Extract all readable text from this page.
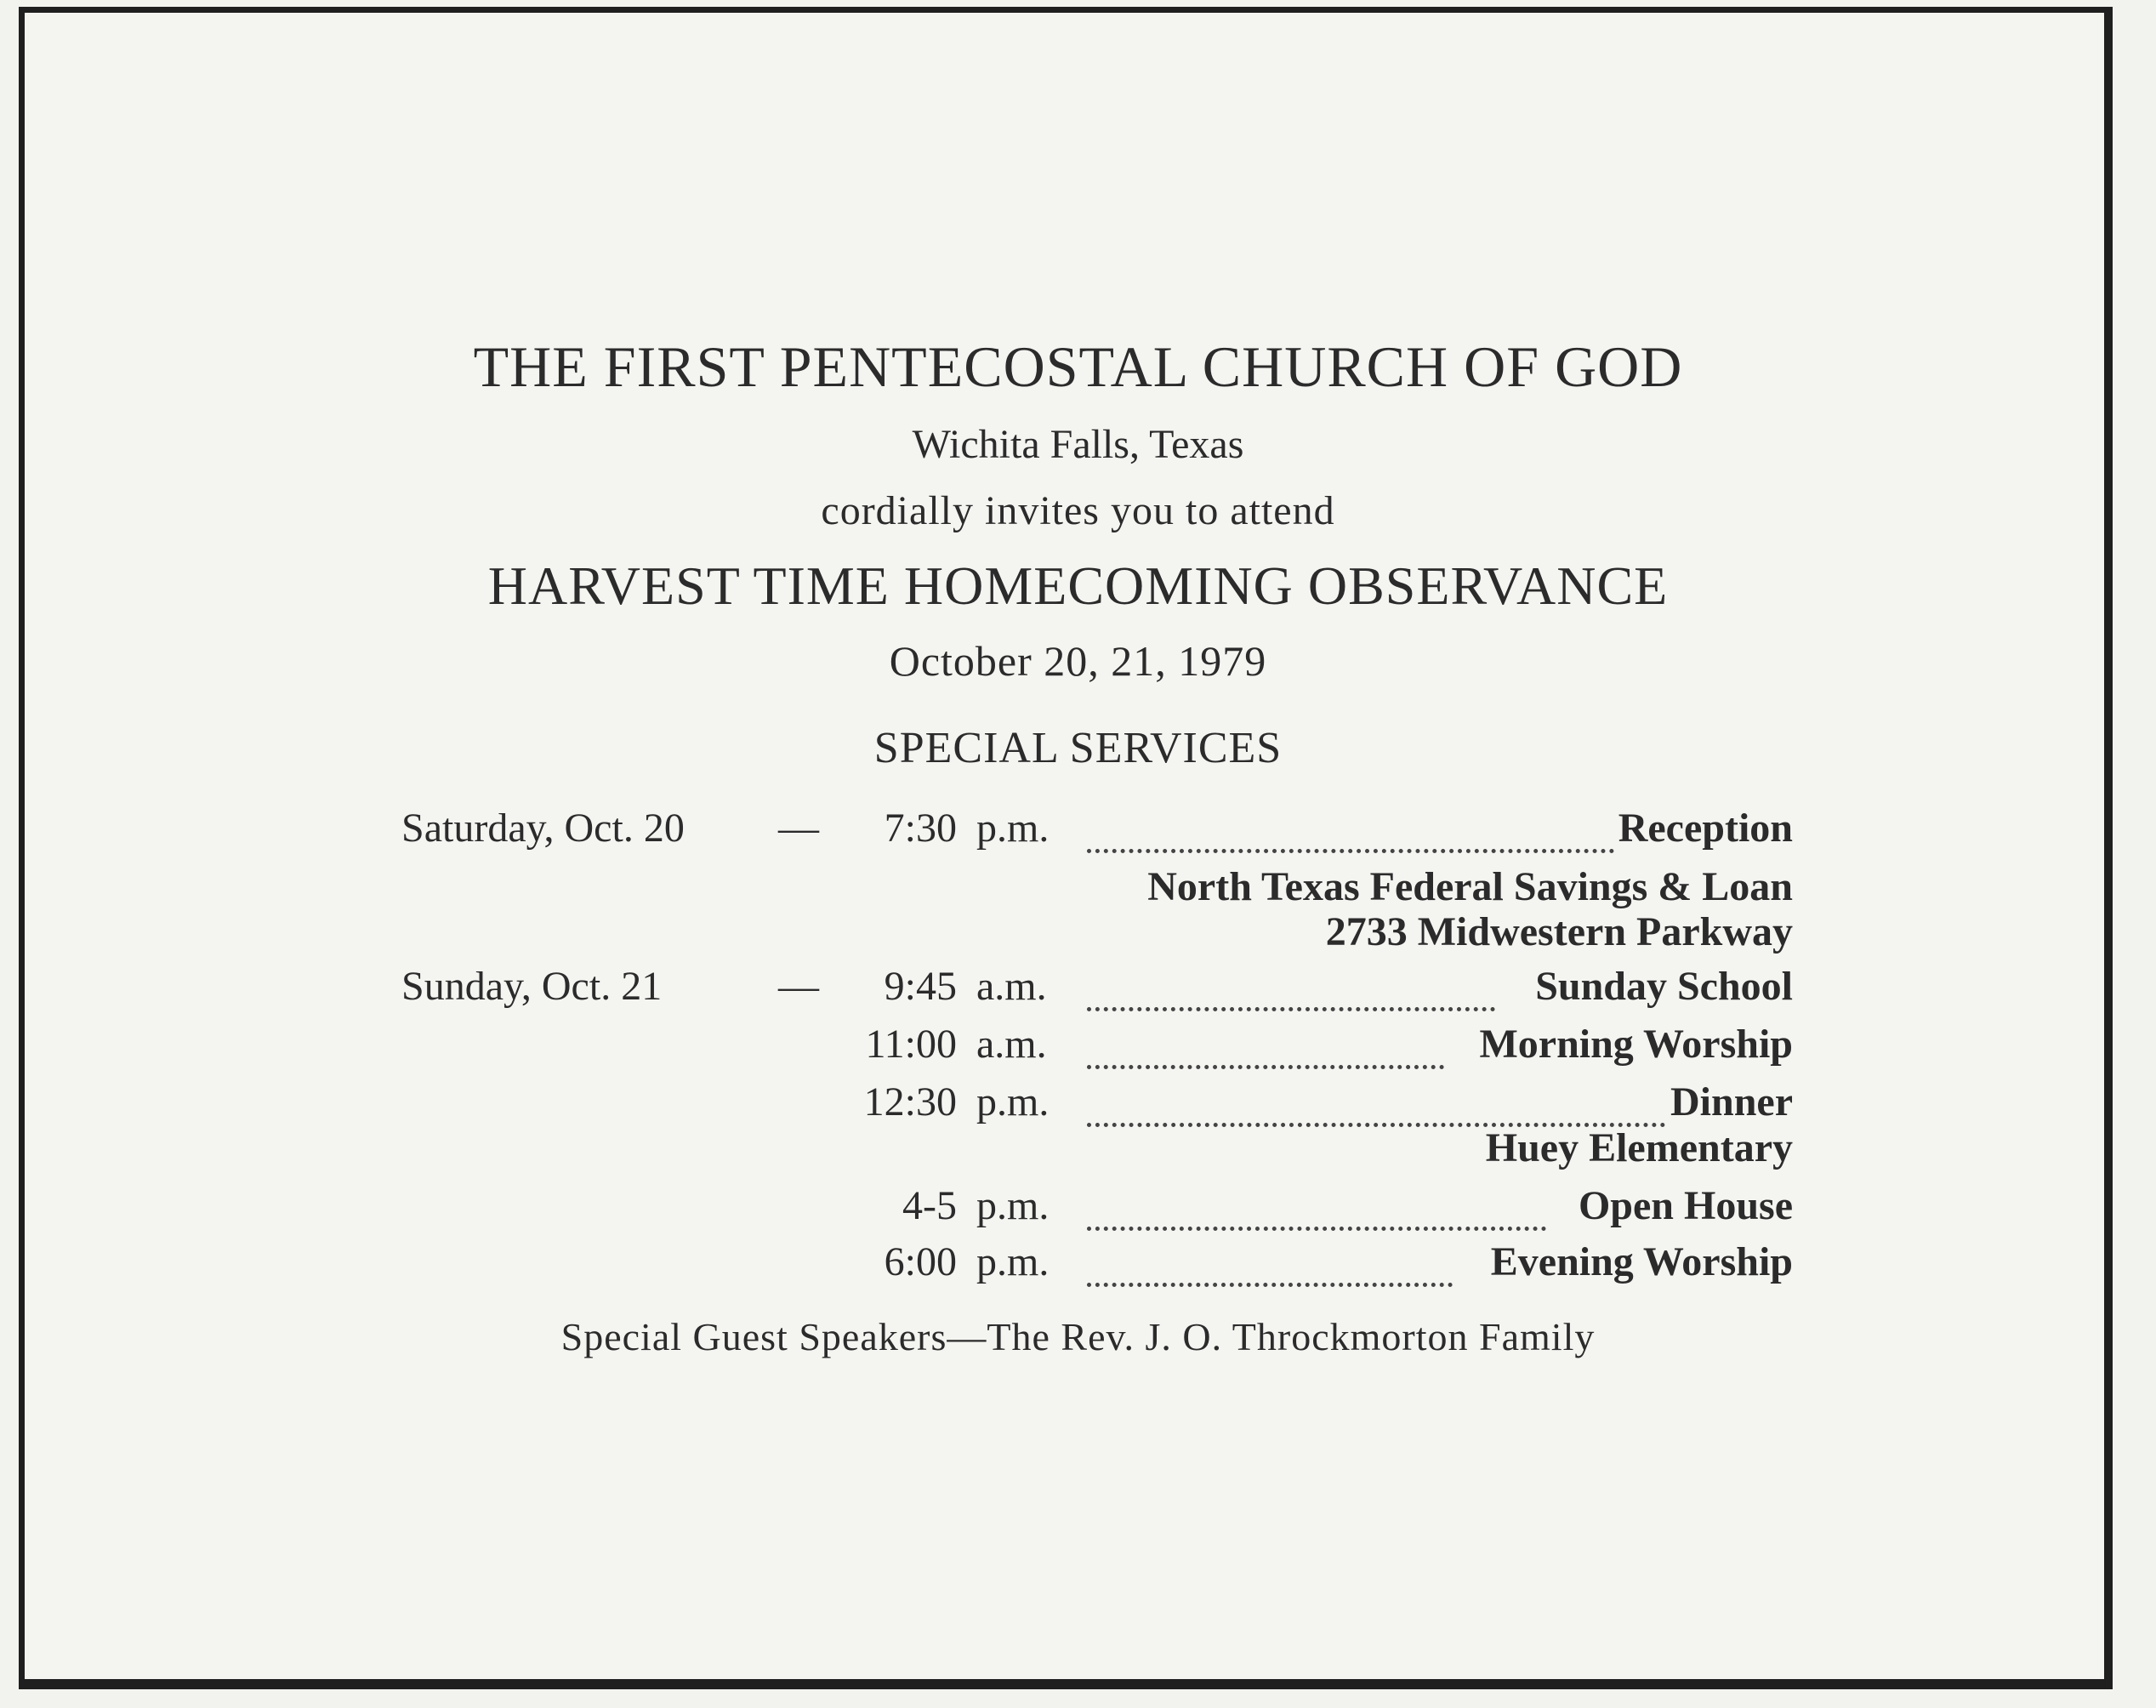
THE FIRST PENTECOSTAL CHURCH OF GOD
Wichita Falls, Texas
cordially invites you to attend
HARVEST TIME HOMECOMING OBSERVANCE
October 20, 21, 1979
SPECIAL SERVICES
Saturday, Oct. 20 — 7:30 p.m.	Reception
North Texas Federal Savings & Loan
2733 Midwestern Parkway
Sunday, Oct. 21	— 9:45 a.m.	Sunday School
11:00 a.m.	Morning Worship
12:30 p.m.	Dinner
Huey Elementary
4-5 p.m.	Open House
6:00 p.m.	Evening Worship
Special Guest Speakers—The Rev. J. O. Throckmorton Family
